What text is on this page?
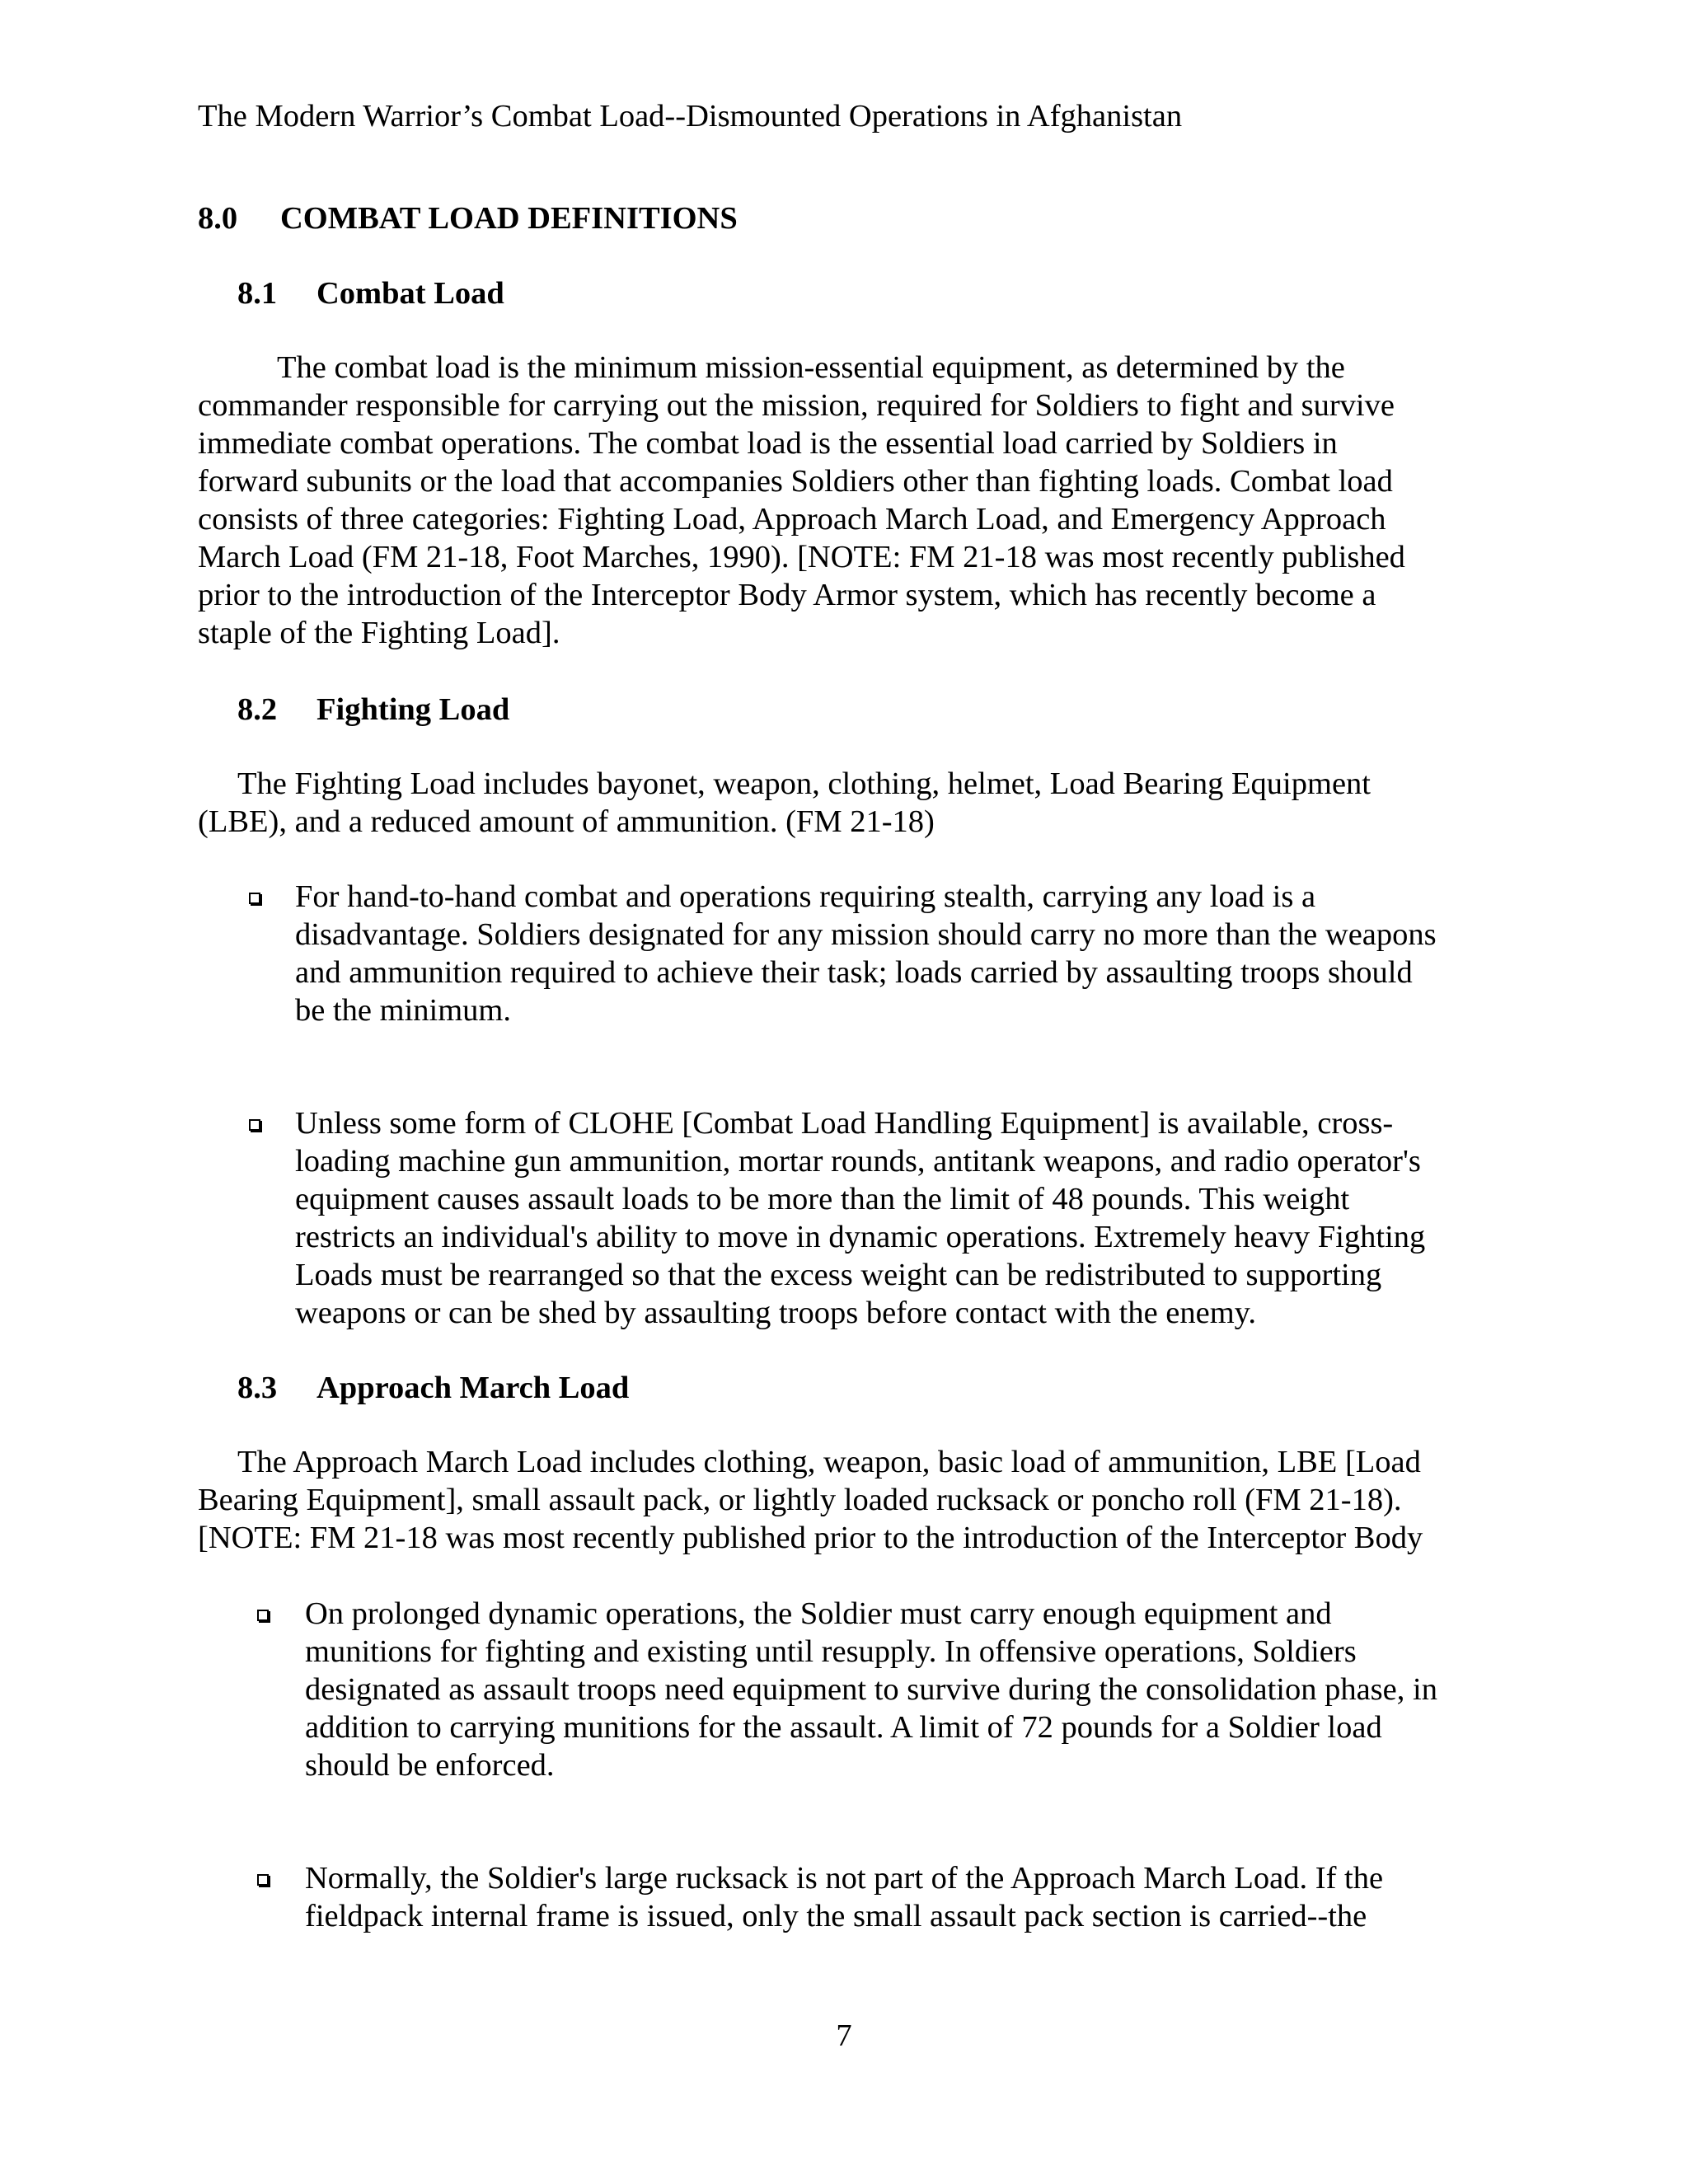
The Modern Warrior’s Combat Load--Dismounted Operations in Afghanistan
8.0 COMBAT LOAD DEFINITIONS
8.1 Combat Load
The combat load is the minimum mission-essential equipment, as determined by the
commander responsible for carrying out the mission, required for Soldiers to fight and survive
immediate combat operations. The combat load is the essential load carried by Soldiers in
forward subunits or the load that accompanies Soldiers other than fighting loads. Combat load
consists of three categories: Fighting Load, Approach March Load, and Emergency Approach
March Load (FM 21-18, Foot Marches, 1990). [NOTE: FM 21-18 was most recently published
prior to the introduction of the Interceptor Body Armor system, which has recently become a
staple of the Fighting Load].
8.2 Fighting Load
The Fighting Load includes bayonet, weapon, clothing, helmet, Load Bearing Equipment
(LBE), and a reduced amount of ammunition. (FM 21-18)
For hand-to-hand combat and operations requiring stealth, carrying any load is a
disadvantage. Soldiers designated for any mission should carry no more than the weapons
and ammunition required to achieve their task; loads carried by assaulting troops should
be the minimum.
Unless some form of CLOHE [Combat Load Handling Equipment] is available, cross-
loading machine gun ammunition, mortar rounds, antitank weapons, and radio operator's
equipment causes assault loads to be more than the limit of 48 pounds. This weight
restricts an individual's ability to move in dynamic operations. Extremely heavy Fighting
Loads must be rearranged so that the excess weight can be redistributed to supporting
weapons or can be shed by assaulting troops before contact with the enemy.
8.3 Approach March Load
The Approach March Load includes clothing, weapon, basic load of ammunition, LBE [Load
Bearing Equipment], small assault pack, or lightly loaded rucksack or poncho roll (FM 21-18).
[NOTE: FM 21-18 was most recently published prior to the introduction of the Interceptor Body
On prolonged dynamic operations, the Soldier must carry enough equipment and
munitions for fighting and existing until resupply. In offensive operations, Soldiers
designated as assault troops need equipment to survive during the consolidation phase, in
addition to carrying munitions for the assault. A limit of 72 pounds for a Soldier load
should be enforced.
Normally, the Soldier's large rucksack is not part of the Approach March Load. If the
fieldpack internal frame is issued, only the small assault pack section is carried--the
7
